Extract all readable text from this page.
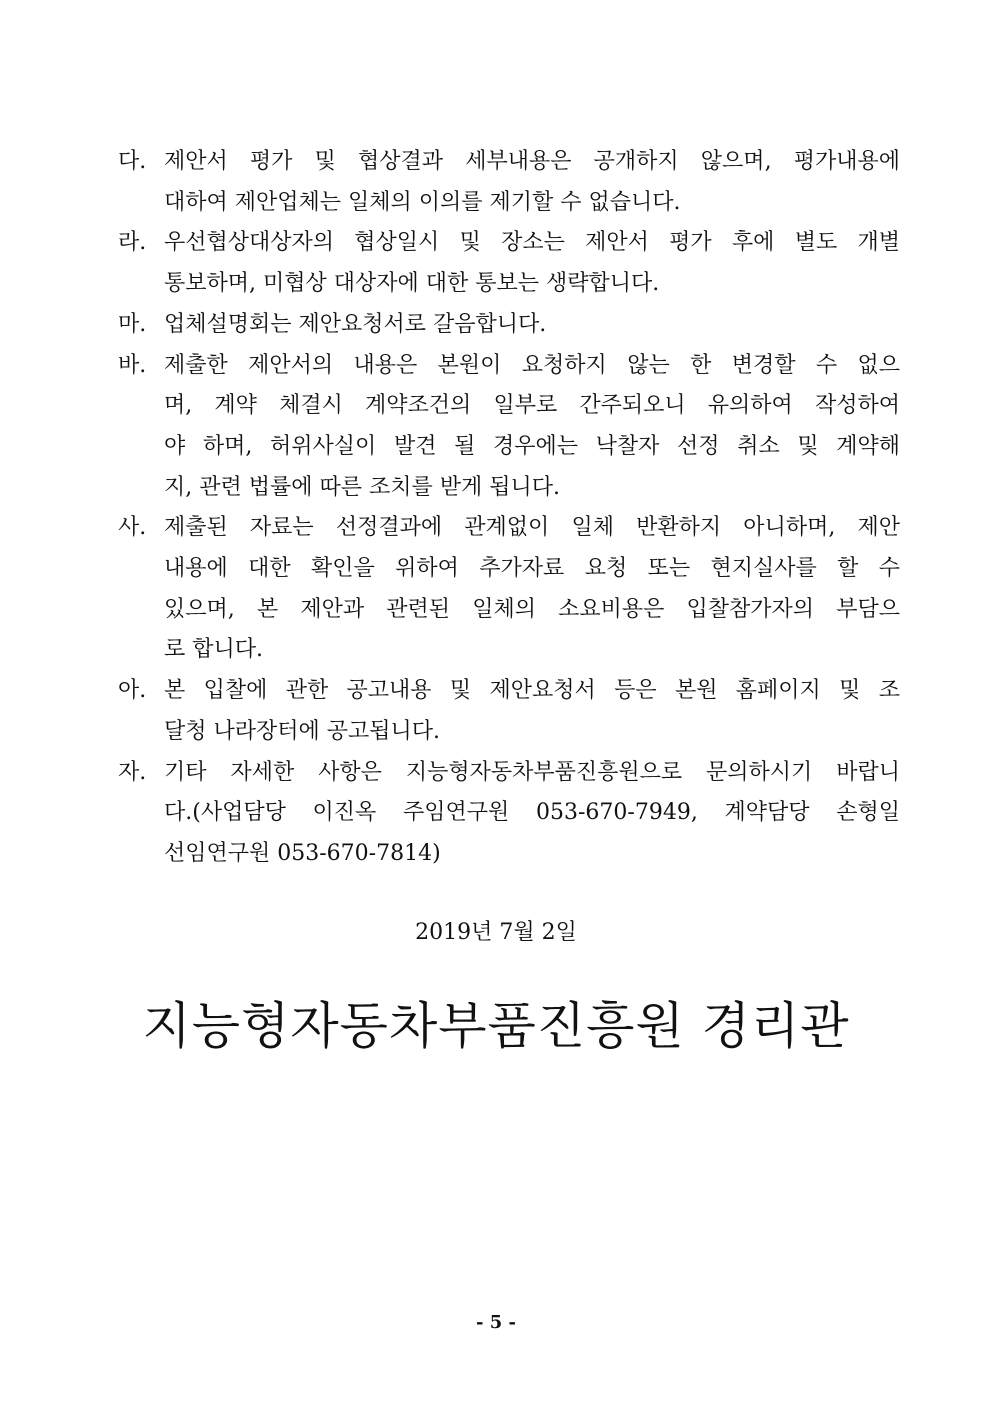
다. 제안서 평가 및 협상결과 세부내용은 공개하지 않으며, 평가내용에
대하여 제안업체는 일체의 이의를 제기할 수 없습니다.
라. 우선협상대상자의 협상일시 및 장소는 제안서 평가 후에 별도 개별
통보하며, 미협상 대상자에 대한 통보는 생략합니다.
마. 업체설명회는 제안요청서로 갈음합니다.
바. 제출한 제안서의 내용은 본원이 요청하지 않는 한 변경할 수 없으
며, 계약 체결시 계약조건의 일부로 간주되오니 유의하여 작성하여
야 하며, 허위사실이 발견 될 경우에는 낙찰자 선정 취소 및 계약해
지, 관련 법률에 따른 조치를 받게 됩니다.
사. 제출된 자료는 선정결과에 관계없이 일체 반환하지 아니하며, 제안
내용에 대한 확인을 위하여 추가자료 요청 또는 현지실사를 할 수
있으며, 본 제안과 관련된 일체의 소요비용은 입찰참가자의 부담으
로 합니다.
아. 본 입찰에 관한 공고내용 및 제안요청서 등은 본원 홈페이지 및 조
달청 나라장터에 공고됩니다.
자. 기타 자세한 사항은 지능형자동차부품진흥원으로 문의하시기 바랍니
다.(사업담당 이진옥 주임연구원 053-670-7949, 계약담당 손형일
선임연구원 053-670-7814)
2019년 7월 2일
지능형자동차부품진흥원 경리관
- 5 -
